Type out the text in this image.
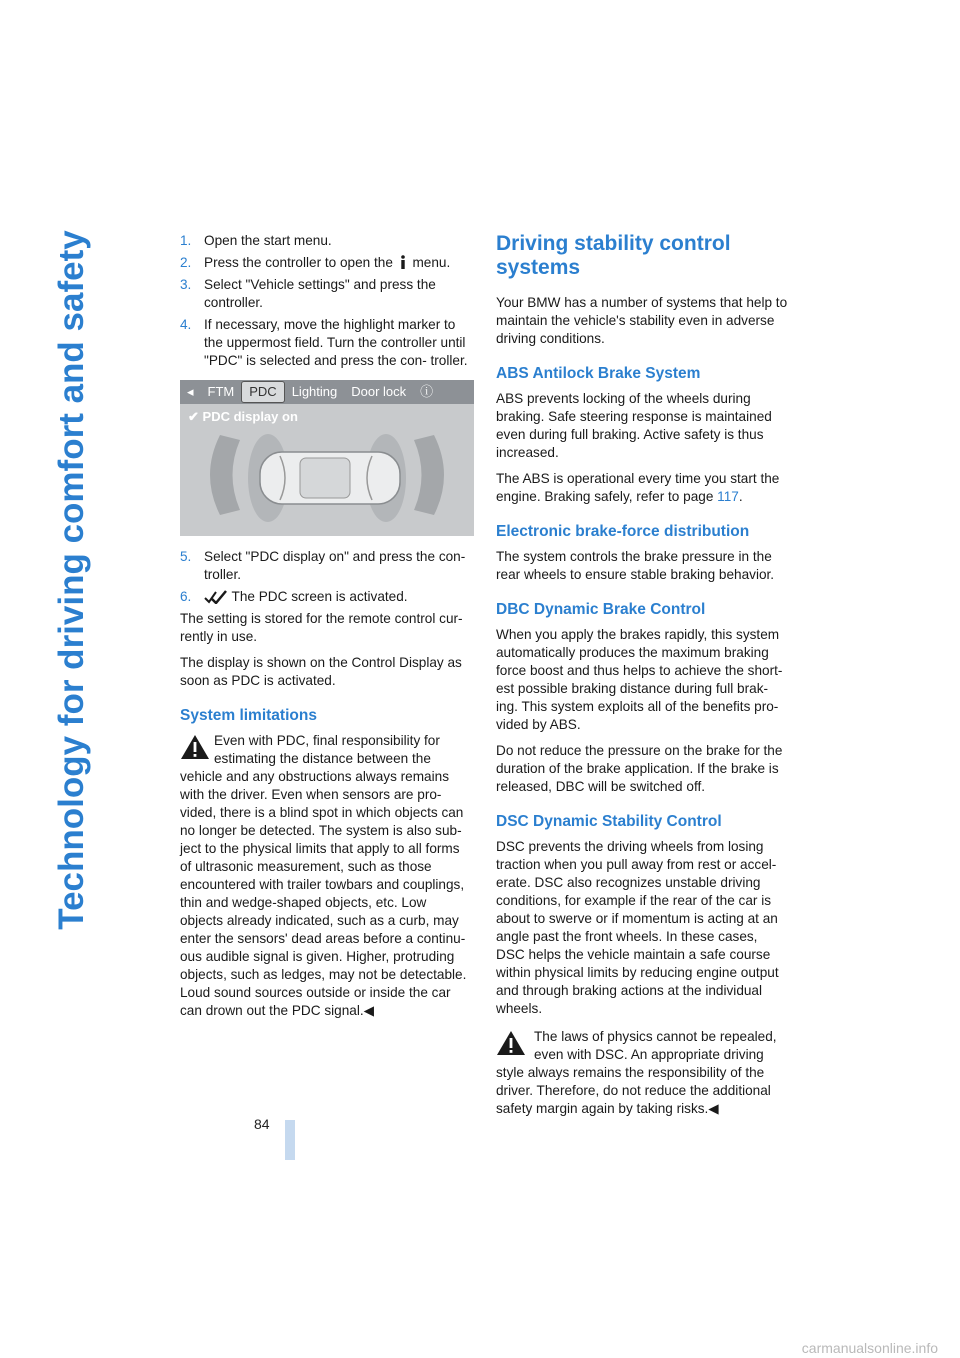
Technology for driving comfort and safety	1. Open the start menu.
2. Press the controller to open the menu.
3. Select "Vehicle settings" and press the controller.
4. If necessary, move the highlight marker to the uppermost field. Turn the controller until "PDC" is selected and press the con- troller.
◂	FTM	PDC	Lighting	Door lock	ⓘ
✔ PDC display on
5. Select "PDC display on" and press the con- troller.
6.	The PDC screen is activated.

The setting is stored for the remote control cur- rently in use.

The display is shown on the Control Display as soon as PDC is activated.

System limitations

Even with PDC, final responsibility for estimating the distance between the
vehicle and any obstructions always remains with the driver. Even when sensors are pro- vided, there is a blind spot in which objects can no longer be detected. The system is also sub- ject to the physical limits that apply to all forms of ultrasonic measurement, such as those encountered with trailer towbars and couplings, thin and wedge-shaped objects, etc. Low objects already indicated, such as a curb, may enter the sensors' dead areas before a continu- ous audible signal is given. Higher, protruding objects, such as ledges, may not be detectable. Loud sound sources outside or inside the car can drown out the PDC signal.◀

Driving stability control systems

Your BMW has a number of systems that help to maintain the vehicle's stability even in adverse driving conditions.

ABS Antilock Brake System

ABS prevents locking of the wheels during braking. Safe steering response is maintained even during full braking. Active safety is thus increased.

The ABS is operational every time you start the engine. Braking safely, refer to page 117.

Electronic brake-force distribution

The system controls the brake pressure in the rear wheels to ensure stable braking behavior.

DBC Dynamic Brake Control

When you apply the brakes rapidly, this system automatically produces the maximum braking force boost and thus helps to achieve the short- est possible braking distance during full brak- ing. This system exploits all of the benefits pro- vided by ABS.

Do not reduce the pressure on the brake for the duration of the brake application. If the brake is released, DBC will be switched off.

DSC Dynamic Stability Control

DSC prevents the driving wheels from losing traction when you pull away from rest or accel- erate. DSC also recognizes unstable driving conditions, for example if the rear of the car is about to swerve or if momentum is acting at an angle past the front wheels. In these cases, DSC helps the vehicle maintain a safe course within physical limits by reducing engine output and through braking actions at the individual wheels.

The laws of physics cannot be repealed, even with DSC. An appropriate driving
style always remains the responsibility of the driver. Therefore, do not reduce the additional safety margin again by taking risks.◀

84
carmanualsonline.info
